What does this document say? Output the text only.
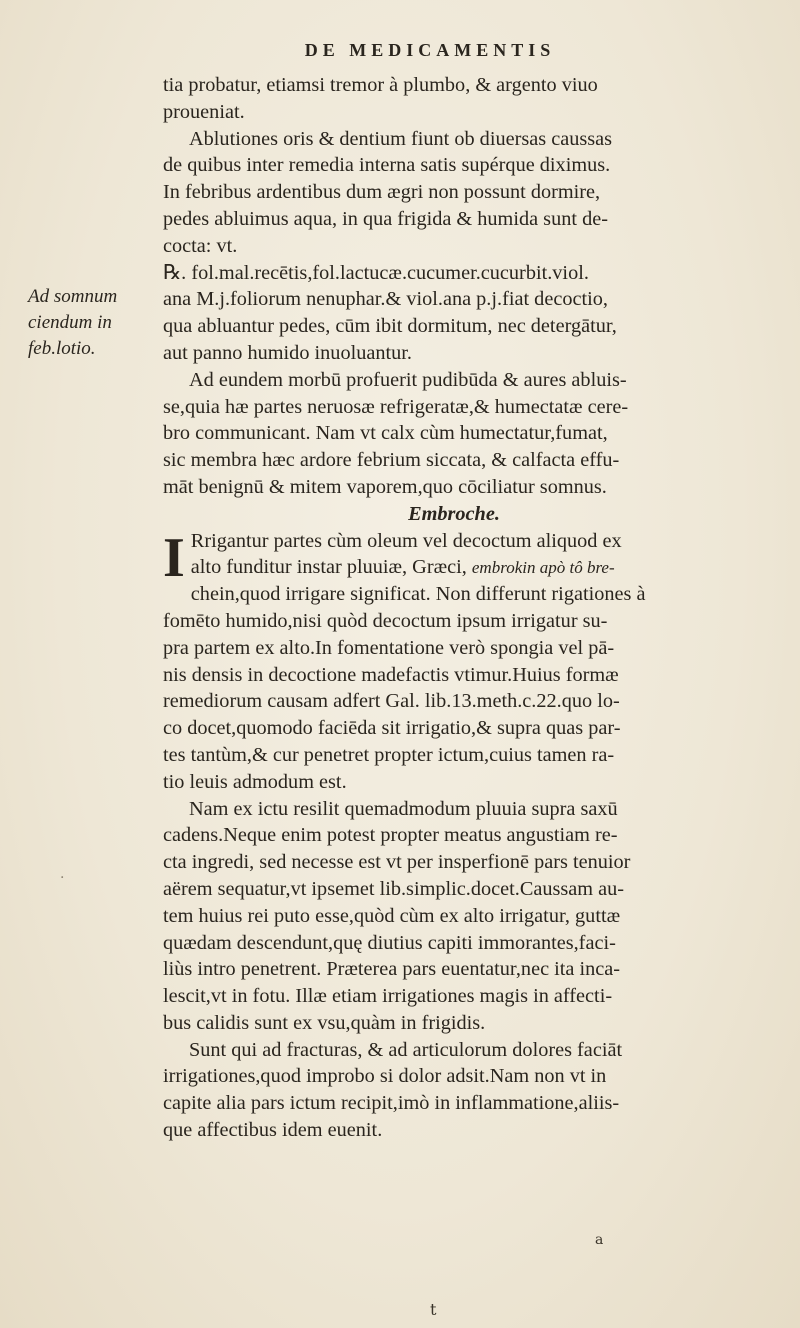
DE MEDICAMENTIS
Ad somnum
ciendum in
feb.lotio.
·
tia probatur, etiamsi tremor à plumbo, & argento viuo
proueniat.
Ablutiones oris & dentium fiunt ob diuersas caussas
de quibus inter remedia interna satis supérque diximus.
In febribus ardentibus dum ægri non possunt dormire,
pedes abluimus aqua, in qua frigida & humida sunt de-
cocta: vt.
℞. fol.mal.recētis,fol.lactucæ.cucumer.cucurbit.viol.
ana M.j.foliorum nenuphar.& viol.ana p.j.fiat decoctio,
qua abluantur pedes, cūm ibit dormitum, nec detergātur,
aut panno humido inuoluantur.
Ad eundem morbū profuerit pudibūda & aures abluis-
se,quia hæ partes neruosæ refrigeratæ,& humectatæ cere-
bro communicant. Nam vt calx cùm humectatur,fumat,
sic membra hæc ardore febrium siccata, & calfacta effu-
māt benignū & mitem vaporem,quo cōciliatur somnus.
Embroche.
I Rrigantur partes cùm oleum vel decoctum aliquod ex
alto funditur instar pluuiæ, Græci, embrokin apò tô bre-
chein,quod irrigare significat. Non differunt rigationes à
fomēto humido,nisi quòd decoctum ipsum irrigatur su-
pra partem ex alto.In fomentatione verò spongia vel pā-
nis densis in decoctione madefactis vtimur.Huius formæ
remediorum causam adfert Gal. lib.13.meth.c.22.quo lo-
co docet,quomodo faciēda sit irrigatio,& supra quas par-
tes tantùm,& cur penetret propter ictum,cuius tamen ra-
tio leuis admodum est.
Nam ex ictu resilit quemadmodum pluuia supra saxū
cadens.Neque enim potest propter meatus angustiam re-
cta ingredi, sed necesse est vt per insperfionē pars tenuior
aërem sequatur,vt ipsemet lib.simplic.docet.Caussam au-
tem huius rei puto esse,quòd cùm ex alto irrigatur, guttæ
quædam descendunt,quę diutius capiti immorantes,faci-
liùs intro penetrent. Præterea pars euentatur,nec ita inca-
lescit,vt in fotu. Illæ etiam irrigationes magis in affecti-
bus calidis sunt ex vsu,quàm in frigidis.
Sunt qui ad fracturas, & ad articulorum dolores faciāt
irrigationes,quod improbo si dolor adsit.Nam non vt in
capite alia pars ictum recipit,imò in inflammatione,aliis-
que affectibus idem euenit.
a
t
